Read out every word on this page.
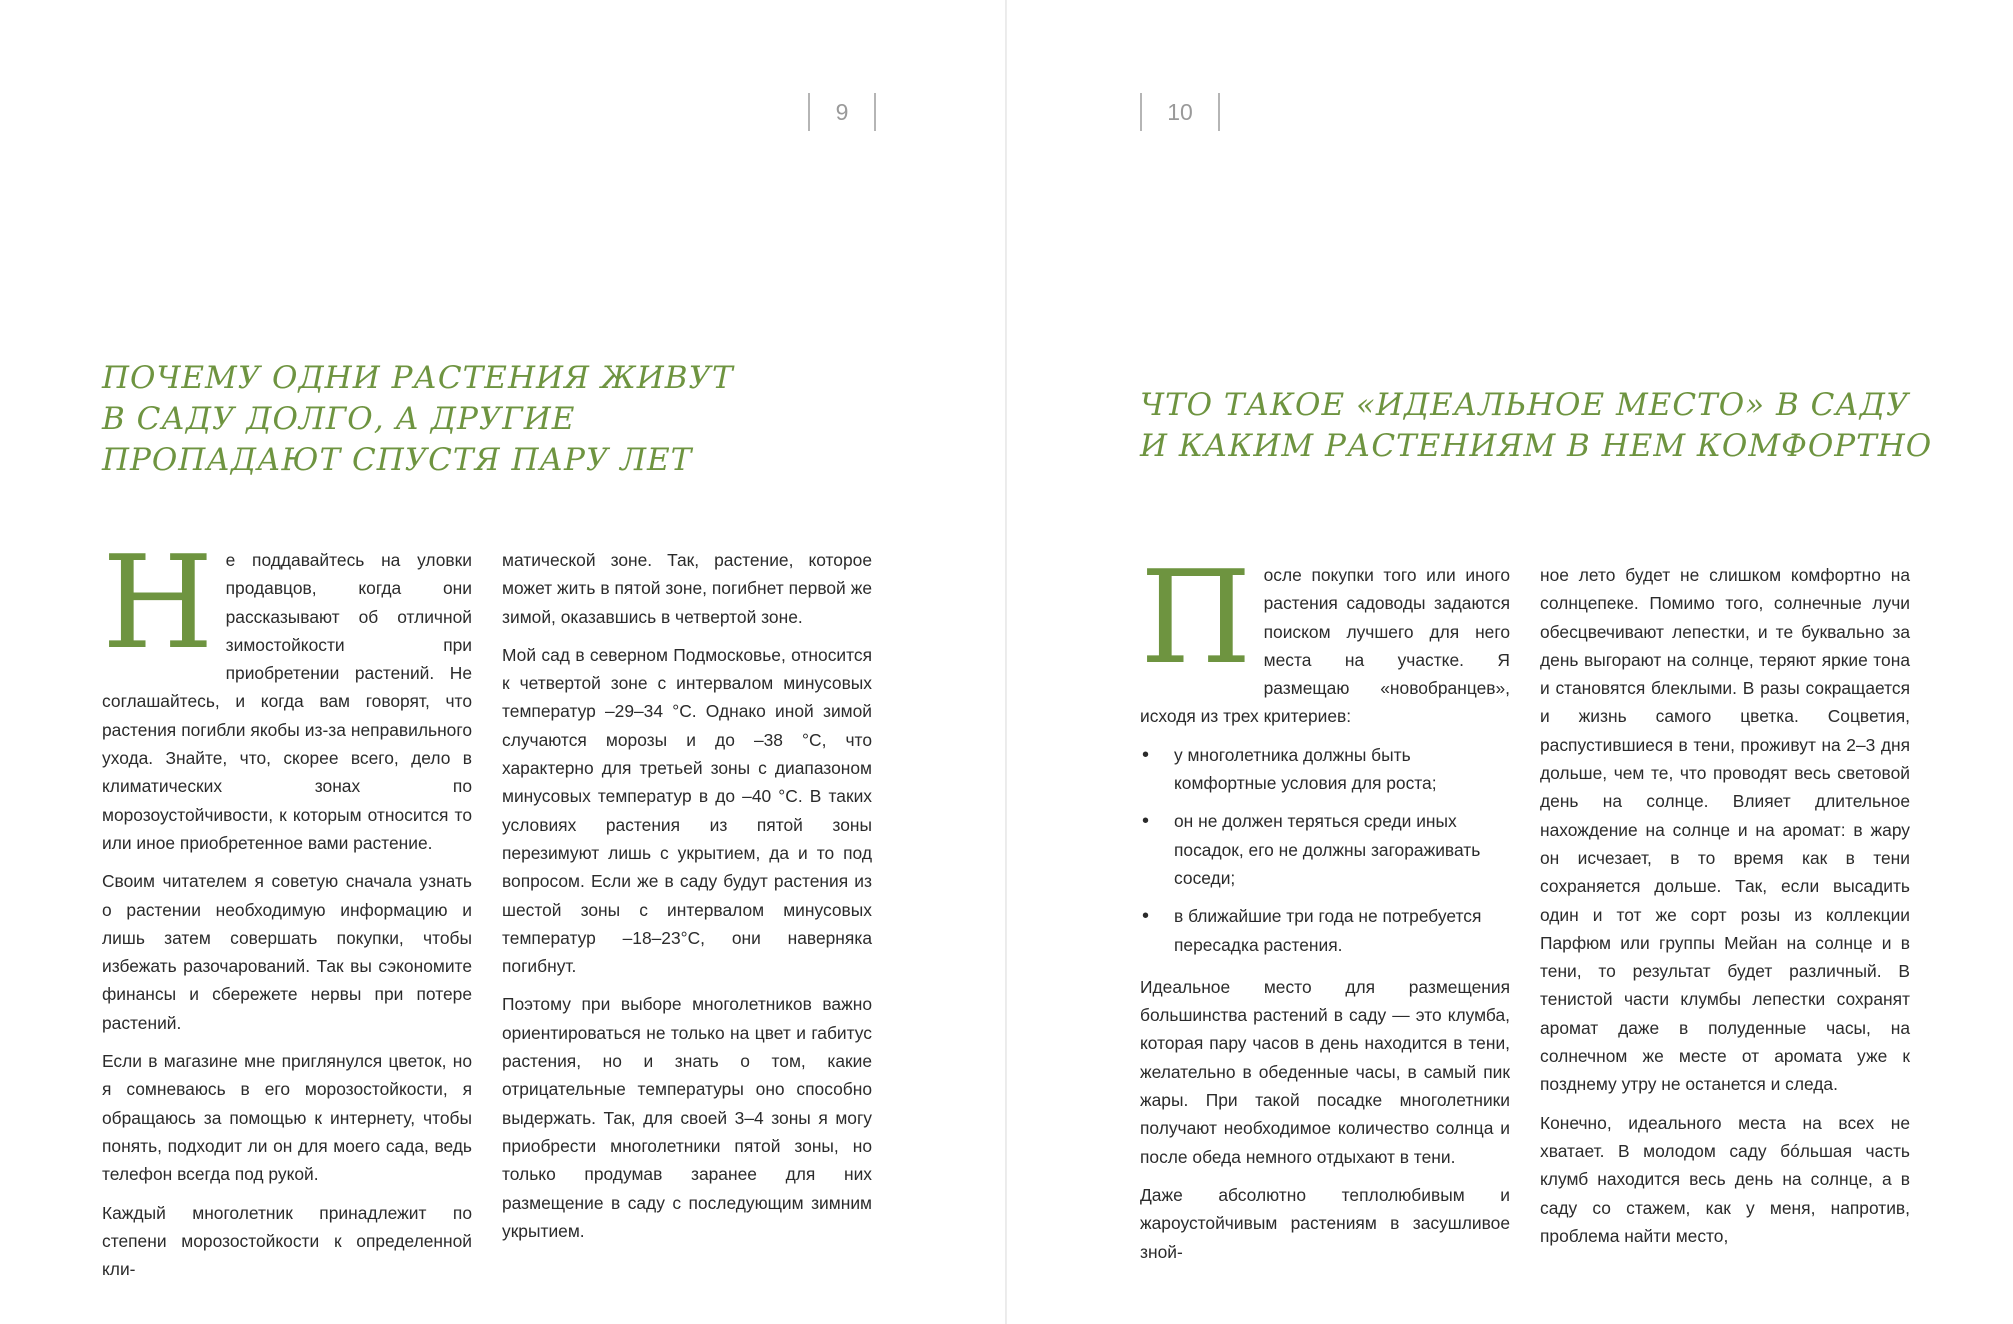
9
ПОЧЕМУ ОДНИ РАСТЕНИЯ ЖИВУТ
В САДУ ДОЛГО, А ДРУГИЕ
ПРОПАДАЮТ СПУСТЯ ПАРУ ЛЕТ

Не поддавайтесь на уловки продавцов, когда они рассказывают об отличной зимостойкости при приобретении растений. Не соглашайтесь, и когда вам говорят, что растения погибли якобы из-за неправильного ухода. Знайте, что, скорее всего, дело в климатических зонах по морозоустойчивости, к которым относится то или иное приобретенное вами растение.

Своим читателем я советую сначала узнать о растении необходимую информацию и лишь затем совершать покупки, чтобы избежать разочарований. Так вы сэкономите финансы и сбережете нервы при потере растений.

Если в магазине мне приглянулся цветок, но я сомневаюсь в его морозостойкости, я обращаюсь за помощью к интернету, чтобы понять, подходит ли он для моего сада, ведь телефон всегда под рукой.

Каждый многолетник принадлежит по степени морозостойкости к определенной кли-

матической зоне. Так, растение, которое может жить в пятой зоне, погибнет первой же зимой, оказавшись в четвертой зоне.

Мой сад в северном Подмосковье, относится к четвертой зоне с интервалом минусовых температур –29–34 °С. Однако иной зимой случаются морозы и до –38 °С, что характерно для третьей зоны с диапазоном минусовых температур в до –40 °С. В таких условиях растения из пятой зоны перезимуют лишь с укрытием, да и то под вопросом. Если же в саду будут растения из шестой зоны с интервалом минусовых температур –18–23°С, они наверняка погибнут.

Поэтому при выборе многолетников важно ориентироваться не только на цвет и габитус растения, но и знать о том, какие отрицательные температуры оно способно выдержать. Так, для своей 3–4 зоны я могу приобрести многолетники пятой зоны, но только продумав заранее для них размещение в саду с последующим зимним укрытием.

10
ЧТО ТАКОЕ «ИДЕАЛЬНОЕ МЕСТО» В САДУ
И КАКИМ РАСТЕНИЯМ В НЕМ КОМФОРТНО

После покупки того или иного растения садоводы задаются поиском лучшего для него места на участке. Я размещаю «новобранцев», исходя из трех критериев:

• у многолетника должны быть комфортные условия для роста;
• он не должен теряться среди иных посадок, его не должны загораживать соседи;
• в ближайшие три года не потребуется пересадка растения.

Идеальное место для размещения большинства растений в саду — это клумба, которая пару часов в день находится в тени, желательно в обеденные часы, в самый пик жары. При такой посадке многолетники получают необходимое количество солнца и после обеда немного отдыхают в тени.

Даже абсолютно теплолюбивым и жароустойчивым растениям в засушливое зной-

ное лето будет не слишком комфортно на солнцепеке. Помимо того, солнечные лучи обесцвечивают лепестки, и те буквально за день выгорают на солнце, теряют яркие тона и становятся блеклыми. В разы сокращается и жизнь самого цветка. Соцветия, распустившиеся в тени, проживут на 2–3 дня дольше, чем те, что проводят весь световой день на солнце. Влияет длительное нахождение на солнце и на аромат: в жару он исчезает, в то время как в тени сохраняется дольше. Так, если высадить один и тот же сорт розы из коллекции Парфюм или группы Мейан на солнце и в тени, то результат будет различный. В тенистой части клумбы лепестки сохранят аромат даже в полуденные часы, на солнечном же месте от аромата уже к позднему утру не останется и следа.

Конечно, идеального места на всех не хватает. В молодом саду бóльшая часть клумб находится весь день на солнце, а в саду со стажем, как у меня, напротив, проблема найти место,
